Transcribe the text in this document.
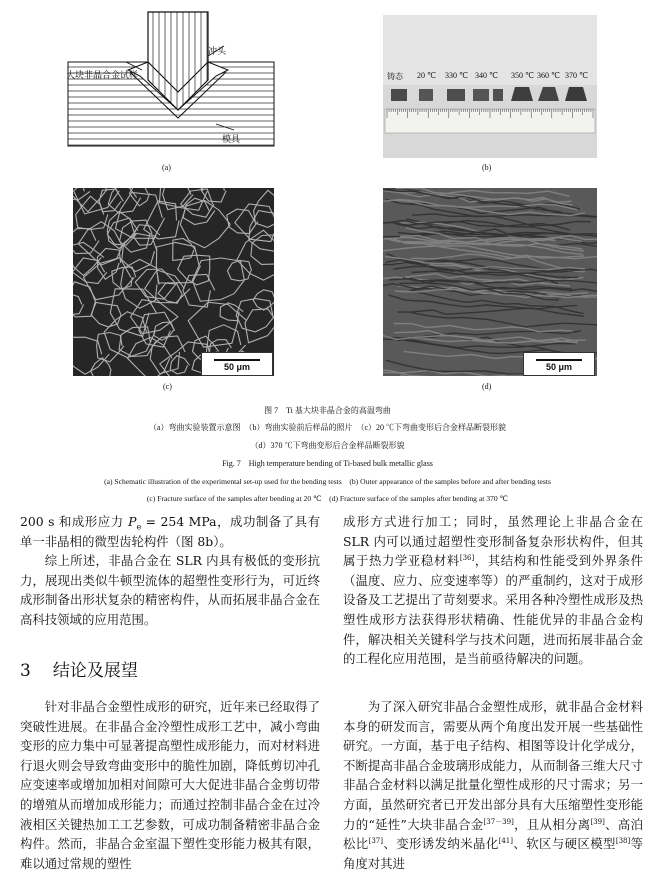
冲头
大块非晶合金试样
模具
(a)
铸态 20 ℃ 330 ℃ 340 ℃ 350 ℃ 360 ℃ 370 ℃
(b)
50 μm
(c)
50 μm
(d)
图 7　Ti 基大块非晶合金的高温弯曲
（a）弯曲实验装置示意图　（b）弯曲实验前后样品的照片　（c）20 ℃下弯曲变形后合金样品断裂形貌
（d）370 ℃下弯曲变形后合金样品断裂形貌
Fig. 7　High temperature bending of Ti-based bulk metallic glass
(a) Schematic illustration of the experimental set-up used for the bending tests　(b) Outer appearance of the samples before and after bending tests
(c) Fracture surface of the samples after bending at 20 ℃　(d) Fracture surface of the samples after bending at 370 ℃

200 s 和成形应力 $P_e = 254$ MPa，成功制备了具有单一非晶相的微型齿轮构件（图 8b）。

综上所述，非晶合金在 SLR 内具有极低的变形抗力，展现出类似牛顿型流体的超塑性变形行为，可近终成形制备出形状复杂的精密构件，从而拓展非晶合金在高科技领域的应用范围。

3 结论及展望

针对非晶合金塑性成形的研究，近年来已经取得了突破性进展。在非晶合金冷塑性成形工艺中，减小弯曲变形的应力集中可显著提高塑性成形能力，而对材料进行退火则会导致弯曲变形中的脆性加剧，降低剪切冲孔应变速率或增加加相对间隙可大大促进非晶合金剪切带的增殖从而增加成形能力；而通过控制非晶合金在过冷液相区关键热加工工艺参数，可成功制备精密非晶合金构件。然而，非晶合金室温下塑性变形能力极其有限，难以通过常规的塑性

成形方式进行加工；同时，虽然理论上非晶合金在 SLR 内可以通过超塑性变形制备复杂形状构件，但其属于热力学亚稳材料[36]，其结构和性能受到外界条件（温度、应力、应变速率等）的严重制约，这对于成形设备及工艺提出了苛刻要求。采用各种冷塑性成形及热塑性成形方法获得形状精确、性能优异的非晶合金构件，解决相关关键科学与技术问题，进而拓展非晶合金的工程化应用范围，是当前亟待解决的问题。

为了深入研究非晶合金塑性成形，就非晶合金材料本身的研发而言，需要从两个角度出发开展一些基础性研究。一方面，基于电子结构、相图等设计化学成分，不断提高非晶合金玻璃形成能力，从而制备三维大尺寸非晶合金材料以满足批量化塑性成形的尺寸需求；另一方面，虽然研究者已开发出部分具有大压缩塑性变形能力的“延性”大块非晶合金[37－39]，且从相分离[39]、高泊松比[37]、变形诱发纳米晶化[41]、软区与硬区模型[38]等角度对其进
